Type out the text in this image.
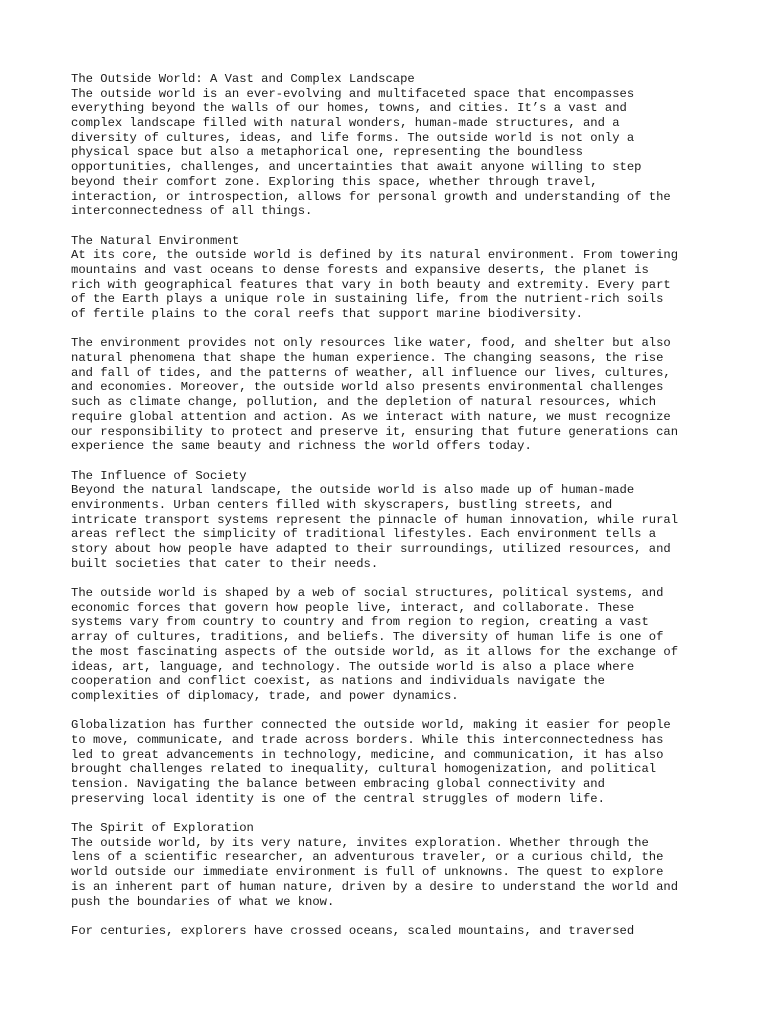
The Outside World: A Vast and Complex Landscape
The outside world is an ever-evolving and multifaceted space that encompasses
everything beyond the walls of our homes, towns, and cities. It’s a vast and
complex landscape filled with natural wonders, human-made structures, and a
diversity of cultures, ideas, and life forms. The outside world is not only a
physical space but also a metaphorical one, representing the boundless
opportunities, challenges, and uncertainties that await anyone willing to step
beyond their comfort zone. Exploring this space, whether through travel,
interaction, or introspection, allows for personal growth and understanding of the
interconnectedness of all things.
The Natural Environment
At its core, the outside world is defined by its natural environment. From towering
mountains and vast oceans to dense forests and expansive deserts, the planet is
rich with geographical features that vary in both beauty and extremity. Every part
of the Earth plays a unique role in sustaining life, from the nutrient-rich soils
of fertile plains to the coral reefs that support marine biodiversity.
The environment provides not only resources like water, food, and shelter but also
natural phenomena that shape the human experience. The changing seasons, the rise
and fall of tides, and the patterns of weather, all influence our lives, cultures,
and economies. Moreover, the outside world also presents environmental challenges
such as climate change, pollution, and the depletion of natural resources, which
require global attention and action. As we interact with nature, we must recognize
our responsibility to protect and preserve it, ensuring that future generations can
experience the same beauty and richness the world offers today.
The Influence of Society
Beyond the natural landscape, the outside world is also made up of human-made
environments. Urban centers filled with skyscrapers, bustling streets, and
intricate transport systems represent the pinnacle of human innovation, while rural
areas reflect the simplicity of traditional lifestyles. Each environment tells a
story about how people have adapted to their surroundings, utilized resources, and
built societies that cater to their needs.
The outside world is shaped by a web of social structures, political systems, and
economic forces that govern how people live, interact, and collaborate. These
systems vary from country to country and from region to region, creating a vast
array of cultures, traditions, and beliefs. The diversity of human life is one of
the most fascinating aspects of the outside world, as it allows for the exchange of
ideas, art, language, and technology. The outside world is also a place where
cooperation and conflict coexist, as nations and individuals navigate the
complexities of diplomacy, trade, and power dynamics.
Globalization has further connected the outside world, making it easier for people
to move, communicate, and trade across borders. While this interconnectedness has
led to great advancements in technology, medicine, and communication, it has also
brought challenges related to inequality, cultural homogenization, and political
tension. Navigating the balance between embracing global connectivity and
preserving local identity is one of the central struggles of modern life.
The Spirit of Exploration
The outside world, by its very nature, invites exploration. Whether through the
lens of a scientific researcher, an adventurous traveler, or a curious child, the
world outside our immediate environment is full of unknowns. The quest to explore
is an inherent part of human nature, driven by a desire to understand the world and
push the boundaries of what we know.
For centuries, explorers have crossed oceans, scaled mountains, and traversed
